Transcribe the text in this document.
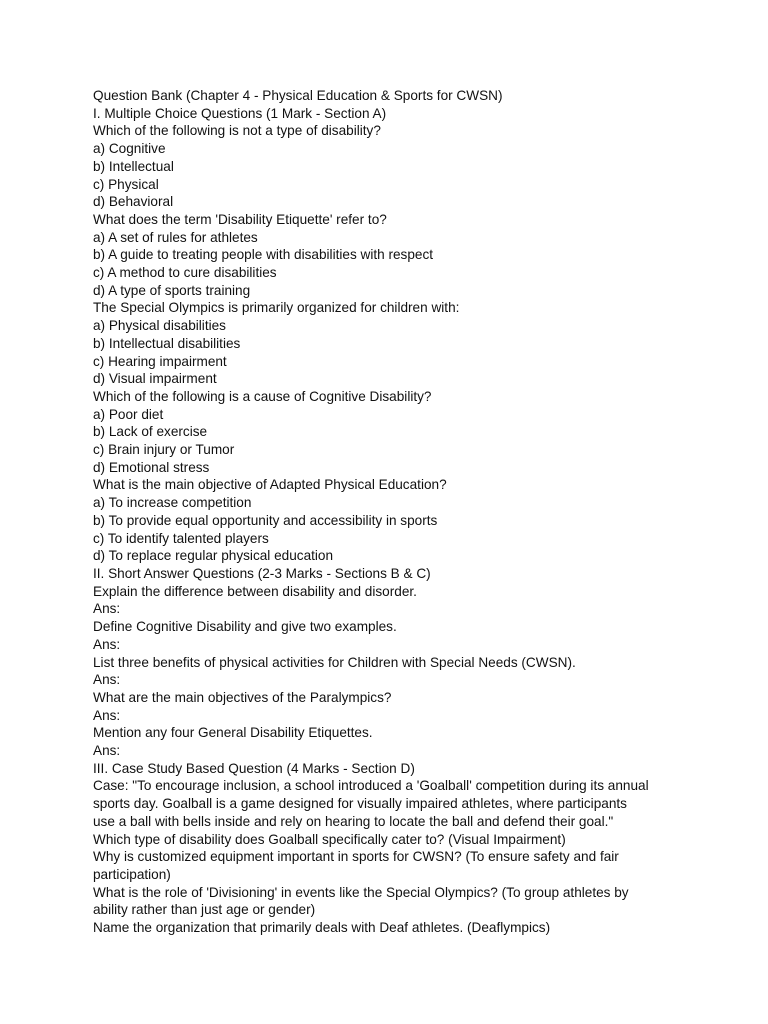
Question Bank (Chapter 4 - Physical Education & Sports for CWSN)
I. Multiple Choice Questions (1 Mark - Section A)
Which of the following is not a type of disability?
a) Cognitive
b) Intellectual
c) Physical
d) Behavioral
What does the term 'Disability Etiquette' refer to?
a) A set of rules for athletes
b) A guide to treating people with disabilities with respect
c) A method to cure disabilities
d) A type of sports training
The Special Olympics is primarily organized for children with:
a) Physical disabilities
b) Intellectual disabilities
c) Hearing impairment
d) Visual impairment
Which of the following is a cause of Cognitive Disability?
a) Poor diet
b) Lack of exercise
c) Brain injury or Tumor
d) Emotional stress
What is the main objective of Adapted Physical Education?
a) To increase competition
b) To provide equal opportunity and accessibility in sports
c) To identify talented players
d) To replace regular physical education
II. Short Answer Questions (2-3 Marks - Sections B & C)
Explain the difference between disability and disorder.
Ans:
Define Cognitive Disability and give two examples.
Ans:
List three benefits of physical activities for Children with Special Needs (CWSN).
Ans:
What are the main objectives of the Paralympics?
Ans:
Mention any four General Disability Etiquettes.
Ans:
III. Case Study Based Question (4 Marks - Section D)
Case: "To encourage inclusion, a school introduced a 'Goalball' competition during its annual
sports day. Goalball is a game designed for visually impaired athletes, where participants
use a ball with bells inside and rely on hearing to locate the ball and defend their goal."
Which type of disability does Goalball specifically cater to? (Visual Impairment)
Why is customized equipment important in sports for CWSN? (To ensure safety and fair
participation)
What is the role of 'Divisioning' in events like the Special Olympics? (To group athletes by
ability rather than just age or gender)
Name the organization that primarily deals with Deaf athletes. (Deaflympics)
